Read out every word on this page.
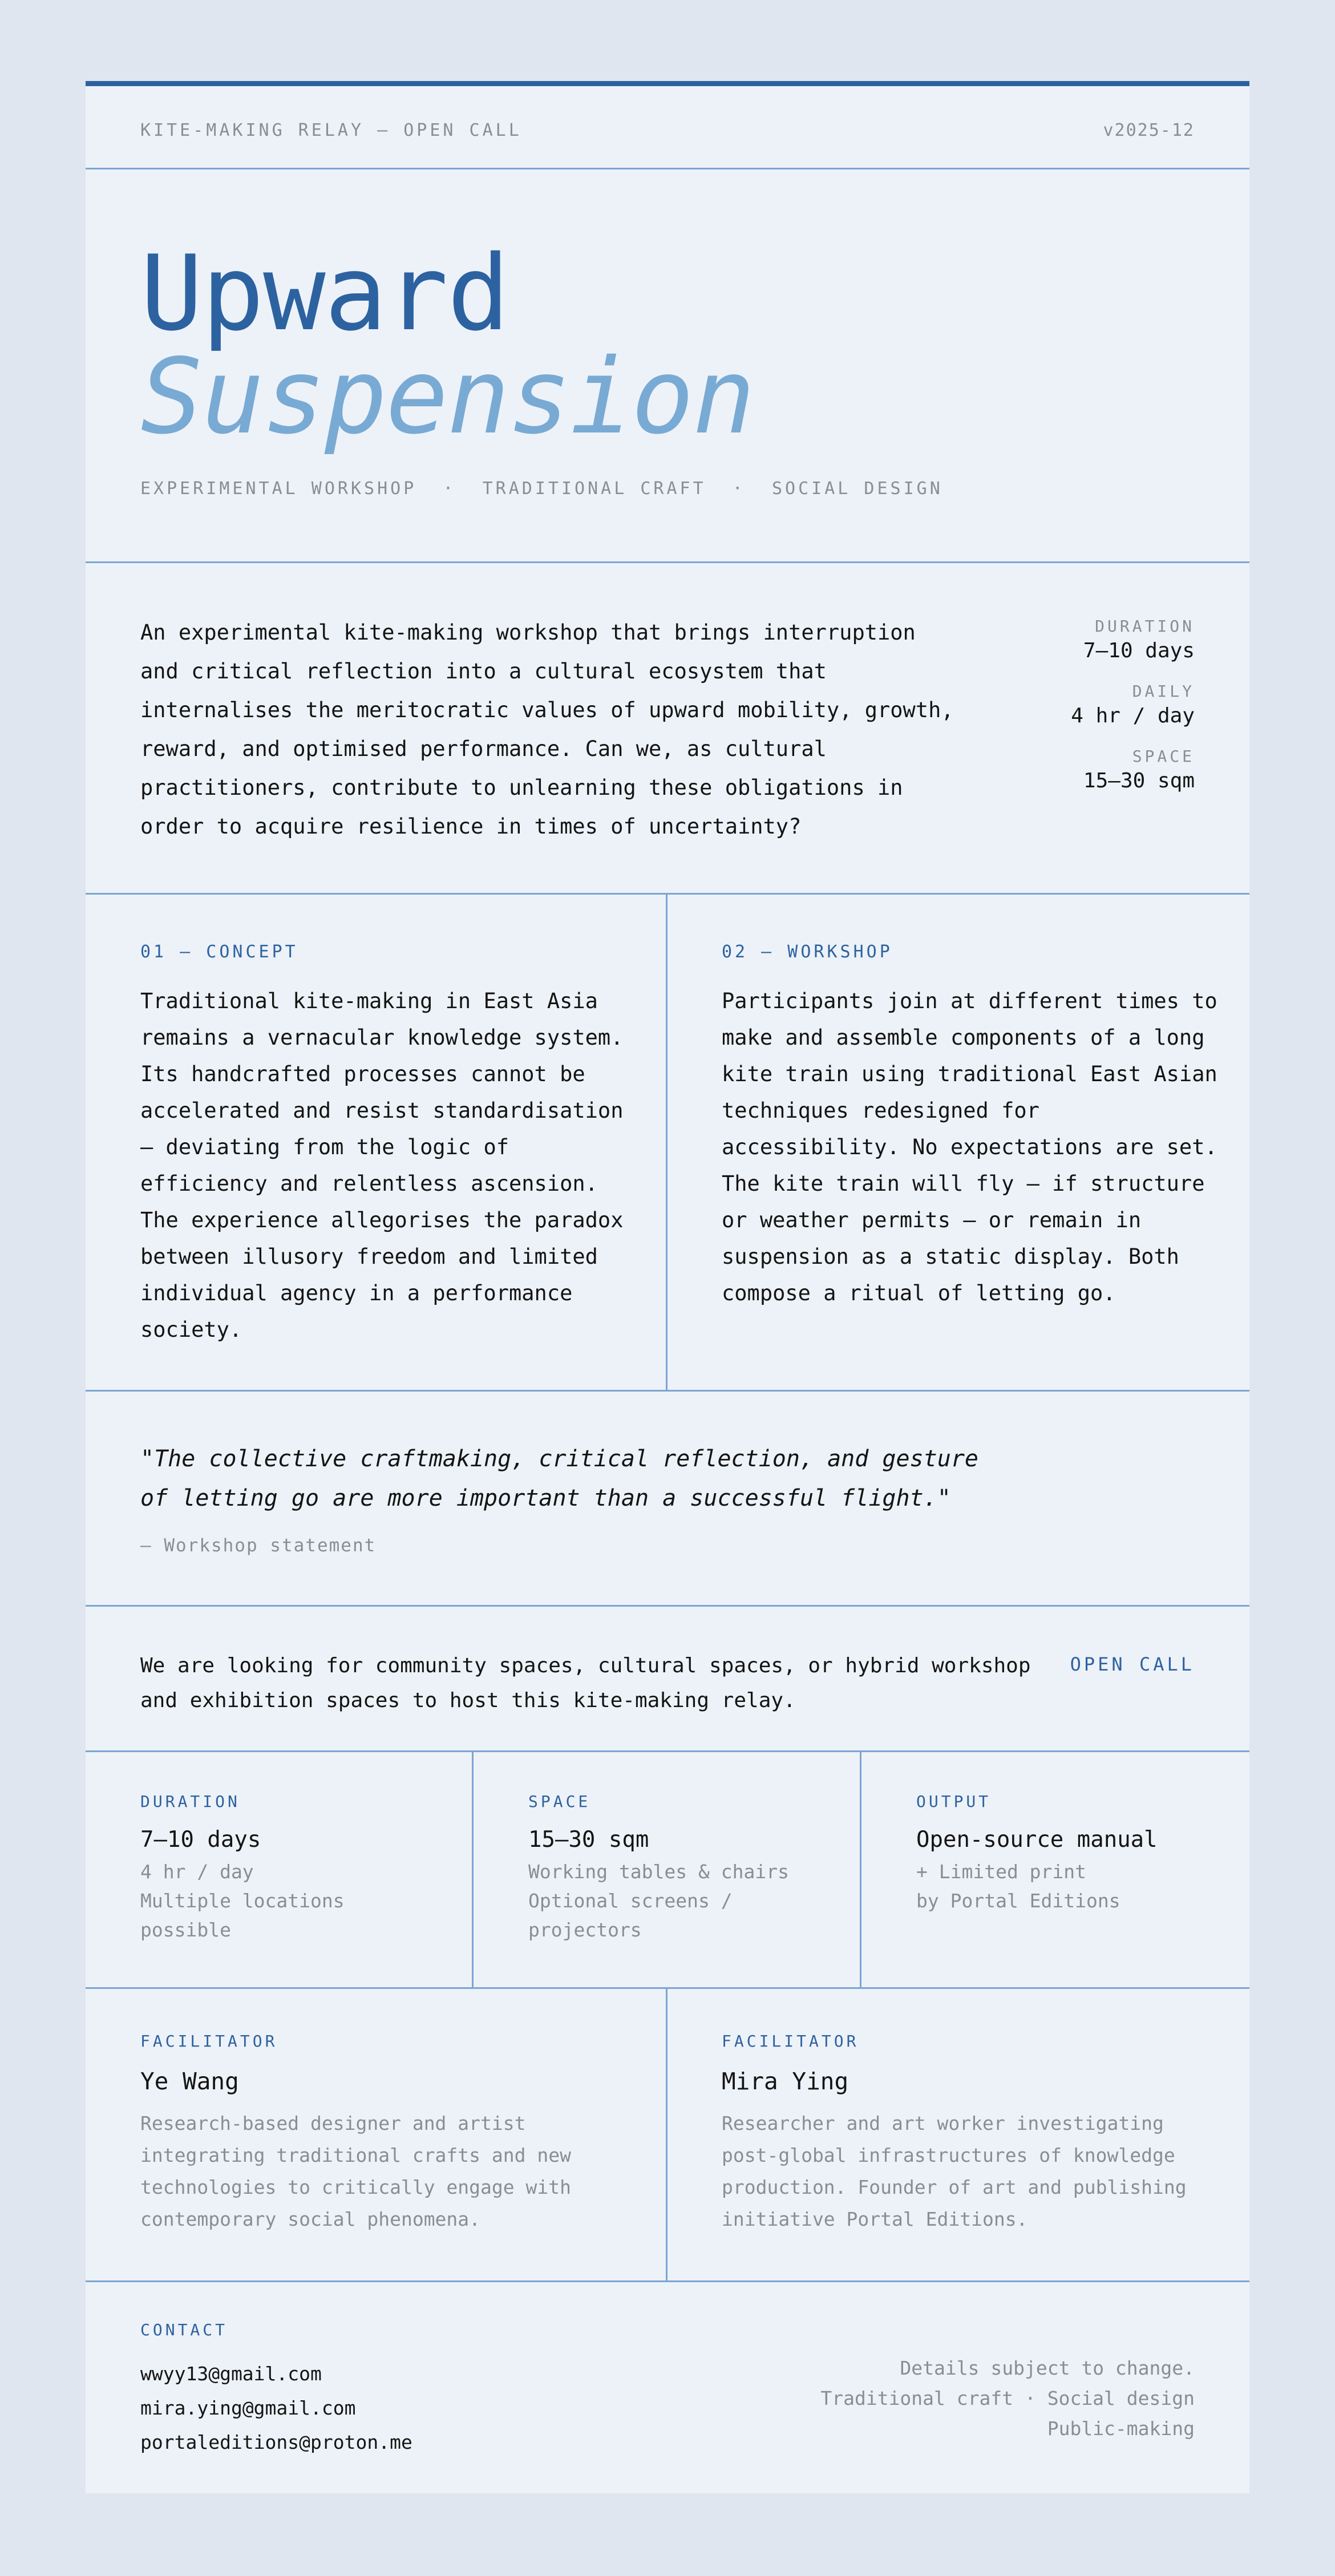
KITE-MAKING RELAY — OPEN CALL	v2025-12
Upward
Suspension
EXPERIMENTAL WORKSHOP  ·  TRADITIONAL CRAFT  ·  SOCIAL DESIGN
An experimental kite-making workshop that brings interruption
and critical reflection into a cultural ecosystem that
internalises the meritocratic values of upward mobility, growth,
reward, and optimised performance. Can we, as cultural
practitioners, contribute to unlearning these obligations in
order to acquire resilience in times of uncertainty?
DURATION
7–10 days
DAILY
4 hr / day
SPACE
15–30 sqm
01 — CONCEPT
Traditional kite-making in East Asia
remains a vernacular knowledge system.
Its handcrafted processes cannot be
accelerated and resist standardisation
— deviating from the logic of
efficiency and relentless ascension.
The experience allegorises the paradox
between illusory freedom and limited
individual agency in a performance
society.
02 — WORKSHOP
Participants join at different times to
make and assemble components of a long
kite train using traditional East Asian
techniques redesigned for
accessibility. No expectations are set.
The kite train will fly — if structure
or weather permits — or remain in
suspension as a static display. Both
compose a ritual of letting go.
"The collective craftmaking, critical reflection, and gesture
of letting go are more important than a successful flight."
— Workshop statement
We are looking for community spaces, cultural spaces, or hybrid workshop
and exhibition spaces to host this kite-making relay.
OPEN CALL
DURATION
7–10 days
4 hr / day
Multiple locations
possible
SPACE
15–30 sqm
Working tables & chairs
Optional screens /
projectors
OUTPUT
Open-source manual
+ Limited print
by Portal Editions
FACILITATOR
Ye Wang
Research-based designer and artist
integrating traditional crafts and new
technologies to critically engage with
contemporary social phenomena.
FACILITATOR
Mira Ying
Researcher and art worker investigating
post-global infrastructures of knowledge
production. Founder of art and publishing
initiative Portal Editions.
CONTACT
wwyy13@gmail.com
mira.ying@gmail.com
portaleditions@proton.me
Details subject to change.
Traditional craft · Social design
Public-making
